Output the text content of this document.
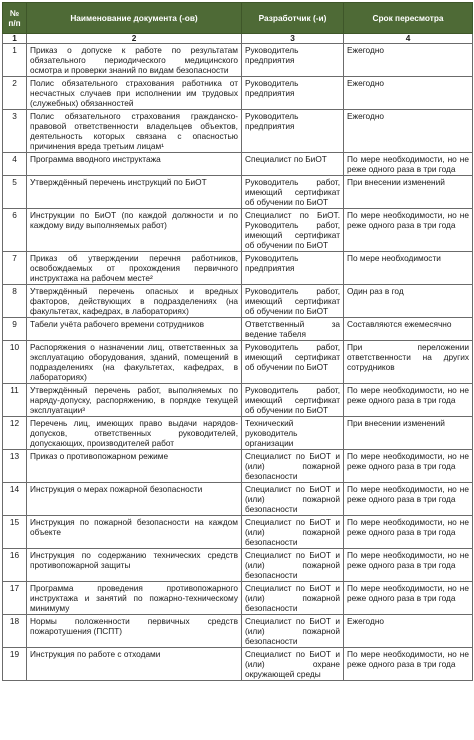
№ п/п	Наименование документа (-ов)	Разработчик (-и)	Срок пересмотра
1	2	3	4
1	Приказ о допуске к работе по результатам обязательного периодического медицинского осмотра и проверки знаний по видам безопасности	Руководитель предприятия	Ежегодно
2	Полис обязательного страхования работника от несчастных случаев при исполнении им трудовых (служебных) обязанностей	Руководитель предприятия	Ежегодно
3	Полис обязательного страхования гражданско-правовой ответственности владельцев объектов, деятельность которых связана с опасностью причинения вреда третьим лицам¹	Руководитель предприятия	Ежегодно
4	Программа вводного инструктажа	Специалист по БиОТ	По мере необходимости, но не реже одного раза в три года
5	Утверждённый перечень инструкций по БиОТ	Руководитель работ, имеющий сертификат об обучении по БиОТ	При внесении изменений
6	Инструкции по БиОТ (по каждой должности и по каждому виду выполняемых работ)	Специалист по БиОТ. Руководитель работ, имеющий сертификат об обучении по БиОТ	По мере необходимости, но не реже одного раза в три года
7	Приказ об утверждении перечня работников, освобождаемых от прохождения первичного инструктажа на рабочем месте²	Руководитель предприятия	По мере необходимости
8	Утверждённый перечень опасных и вредных факторов, действующих в подразделениях (на факультетах, кафедрах, в лабораториях)	Руководитель работ, имеющий сертификат об обучении по БиОТ	Один раз в год
9	Табели учёта рабочего времени сотрудников	Ответственный за ведение табеля	Составляются ежемесячно
10	Распоряжения о назначении лиц, ответственных за эксплуатацию оборудования, зданий, помещений в подразделениях (на факультетах, кафедрах, в лабораториях)	Руководитель работ, имеющий сертификат об обучении по БиОТ	При переложении ответственности на других сотрудников
11	Утверждённый перечень работ, выполняемых по наряду-допуску, распоряжению, в порядке текущей эксплуатации³	Руководитель работ, имеющий сертификат об обучении по БиОТ	По мере необходимости, но не реже одного раза в три года
12	Перечень лиц, имеющих право выдачи нарядов-допусков, ответственных руководителей, допускающих, производителей работ	Технический руководитель организации	При внесении изменений
13	Приказ о противопожарном режиме	Специалист по БиОТ и (или) пожарной безопасности	По мере необходимости, но не реже одного раза в три года
14	Инструкция о мерах пожарной безопасности	Специалист по БиОТ и (или) пожарной безопасности	По мере необходимости, но не реже одного раза в три года
15	Инструкция по пожарной безопасности на каждом объекте	Специалист по БиОТ и (или) пожарной безопасности	По мере необходимости, но не реже одного раза в три года
16	Инструкция по содержанию технических средств противопожарной защиты	Специалист по БиОТ и (или) пожарной безопасности	По мере необходимости, но не реже одного раза в три года
17	Программа проведения противопожарного инструктажа и занятий по пожарно-техническому минимуму	Специалист по БиОТ и (или) пожарной безопасности	По мере необходимости, но не реже одного раза в три года
18	Нормы положенности первичных средств пожаротушения (ПСПТ)	Специалист по БиОТ и (или) пожарной безопасности	Ежегодно
19	Инструкция по работе с отходами	Специалист по БиОТ и (или) охране окружающей среды	По мере необходимости, но не реже одного раза в три года
